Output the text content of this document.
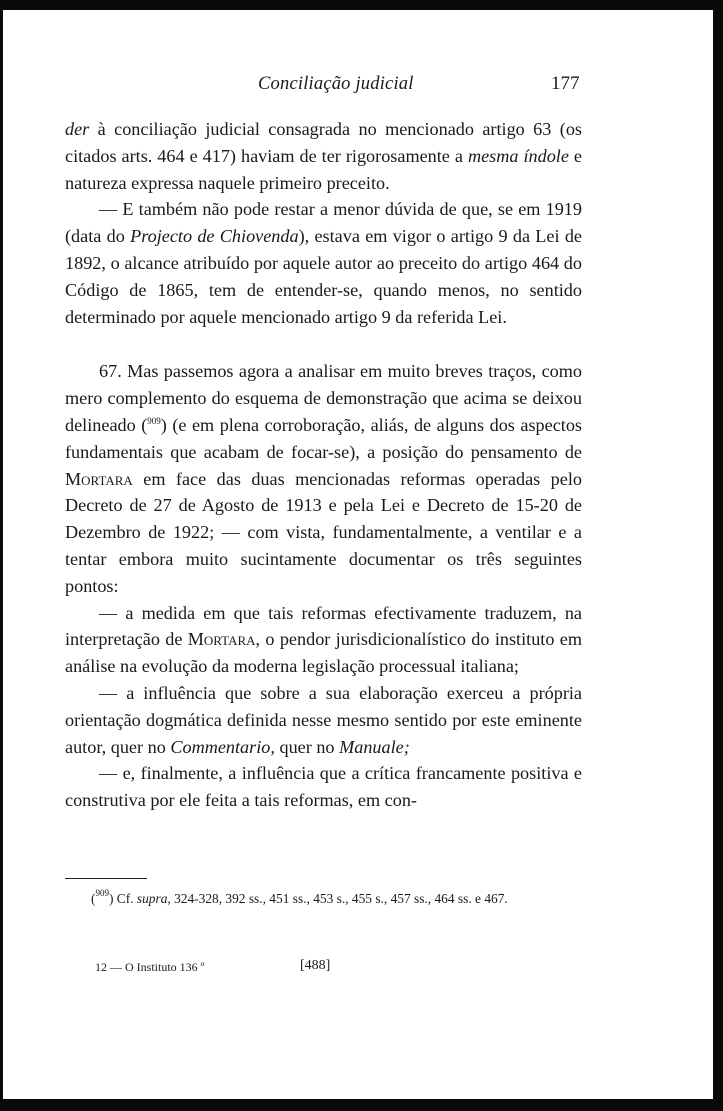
Conciliação judicial	177

der à conciliação judicial consagrada no mencionado artigo 63 (os citados arts. 464 e 417) haviam de ter rigorosamente a mesma índole e natureza expressa naquele primeiro preceito.

— E também não pode restar a menor dúvida de que, se em 1919 (data do Projecto de Chiovenda), estava em vigor o artigo 9 da Lei de 1892, o alcance atribuído por aquele autor ao preceito do artigo 464 do Código de 1865, tem de entender-se, quando menos, no sentido determinado por aquele mencionado artigo 9 da referida Lei.

67. Mas passemos agora a analisar em muito breves traços, como mero complemento do esquema de demonstração que acima se deixou delineado ($^{909}$) (e em plena corroboração, aliás, de alguns dos aspectos fundamentais que acabam de focar-se), a posição do pensamento de Mortara em face das duas mencionadas reformas operadas pelo Decreto de 27 de Agosto de 1913 e pela Lei e Decreto de 15-20 de Dezembro de 1922; — com vista, fundamentalmente, a ventilar e a tentar embora muito sucintamente documentar os três seguintes pontos:

— a medida em que tais reformas efectivamente traduzem, na interpretação de Mortara, o pendor jurisdicionalístico do instituto em análise na evolução da moderna legislação processual italiana;

— a influência que sobre a sua elaboração exerceu a própria orientação dogmática definida nesse mesmo sentido por este eminente autor, quer no Commentario, quer no Manuale;

— e, finalmente, a influência que a crítica francamente positiva e construtiva por ele feita a tais reformas, em con-

($^{909}$) Cf. supra, 324-328, 392 ss., 451 ss., 453 s., 455 s., 457 ss., 464 ss. e 467.

12 — O Instituto 136 º	[488]
